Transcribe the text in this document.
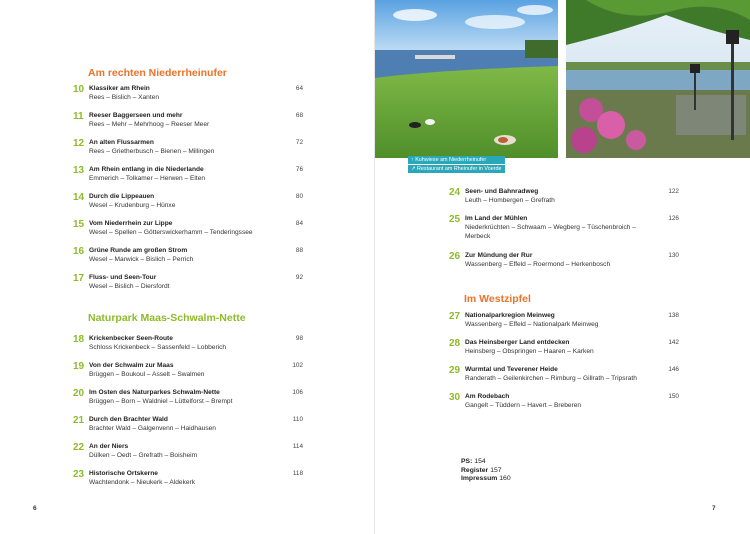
Am rechten Niederrheinufer
10 Klassiker am Rhein
Rees – Bislich – Xanten
64
11 Reeser Baggerseen und mehr
Rees – Mehr – Mehrhoog – Reeser Meer
68
12 An alten Flussarmen
Rees – Grietherbusch – Bienen – Millingen
72
13 Am Rhein entlang in die Niederlande
Emmerich – Tolkamer – Herwen – Elten
76
14 Durch die Lippeauen
Wesel – Krudenburg – Hünxe
80
15 Vom Niederrhein zur Lippe
Wesel – Spellen – Götterswickerhamm – Tenderingssee
84
16 Grüne Runde am großen Strom
Wesel – Marwick – Bislich – Perrich
88
17 Fluss- und Seen-Tour
Wesel – Bislich – Diersfordt
92
Naturpark Maas-Schwalm-Nette
18 Krickenbecker Seen-Route
Schloss Krickenbeck – Sassenfeld – Lobberich
98
19 Von der Schwalm zur Maas
Brüggen – Boukoul – Asselt – Swalmen
102
20 Im Osten des Naturparkes Schwalm-Nette
Brüggen – Born – Waldniel – Lüttelforst – Brempt
106
21 Durch den Brachter Wald
Brachter Wald – Galgenvenn – Haidhausen
110
22 An der Niers
Dülken – Oedt – Grefrath – Boisheim
114
23 Historische Ortskerne
Wachtendonk – Nieukerk – Aldekerk
118
6
↑ Kuhwiese am Niederrheinufer
↗ Restaurant am Rheinufer in Voerde
24 Seen- und Bahnradweg
Leuth – Hombergen – Grefrath
122
25 Im Land der Mühlen
Niederkrüchten – Schwaam – Wegberg – Tüschenbroich –
Merbeck
126
26 Zur Mündung der Rur
Wassenberg – Effeld – Roermond – Herkenbosch
130
Im Westzipfel
27 Nationalparkregion Meinweg
Wassenberg – Effeld – Nationalpark Meinweg
138
28 Das Heinsberger Land entdecken
Heinsberg – Obspringen – Haaren – Karken
142
29 Wurmtal und Teverener Heide
Randerath – Geilenkirchen – Rimburg – Gillrath – Tripsrath
146
30 Am Rodebach
Gangelt – Tüddern – Havert – Breberen
150
PS: 154
Register 157
Impressum 160
7
